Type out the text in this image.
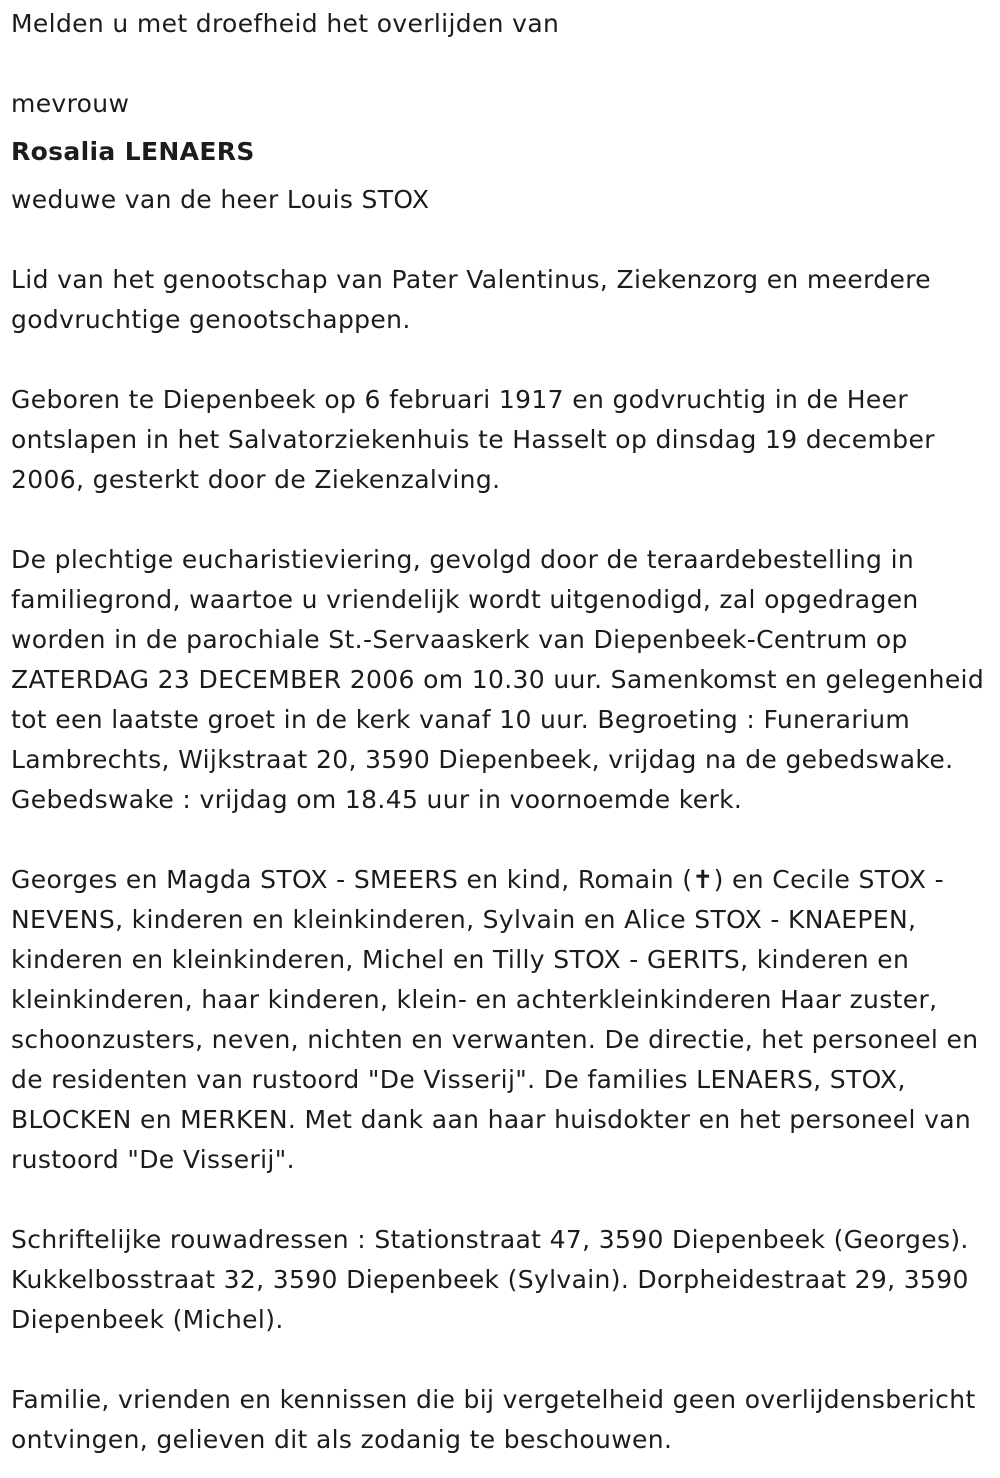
Melden u met droefheid het overlijden van

mevrouw

Rosalia LENAERS

weduwe van de heer Louis STOX

Lid van het genootschap van Pater Valentinus, Ziekenzorg en meerdere godvruchtige genootschappen.

Geboren te Diepenbeek op 6 februari 1917 en godvruchtig in de Heer ontslapen in het Salvatorziekenhuis te Hasselt op dinsdag 19 december 2006, gesterkt door de Ziekenzalving.

De plechtige eucharistieviering, gevolgd door de teraardebestelling in familiegrond, waartoe u vriendelijk wordt uitgenodigd, zal opgedragen worden in de parochiale St.-Servaaskerk van Diepenbeek-Centrum op ZATERDAG 23 DECEMBER 2006 om 10.30 uur. Samenkomst en gelegenheid tot een laatste groet in de kerk vanaf 10 uur. Begroeting : Funerarium Lambrechts, Wijkstraat 20, 3590 Diepenbeek, vrijdag na de gebedswake. Gebedswake : vrijdag om 18.45 uur in voornoemde kerk.

Georges en Magda STOX - SMEERS en kind, Romain (✝) en Cecile STOX - NEVENS, kinderen en kleinkinderen, Sylvain en Alice STOX - KNAEPEN, kinderen en kleinkinderen, Michel en Tilly STOX - GERITS, kinderen en kleinkinderen, haar kinderen, klein- en achterkleinkinderen Haar zuster, schoonzusters, neven, nichten en verwanten. De directie, het personeel en de residenten van rustoord "De Visserij". De families LENAERS, STOX, BLOCKEN en MERKEN. Met dank aan haar huisdokter en het personeel van rustoord "De Visserij".

Schriftelijke rouwadressen : Stationstraat 47, 3590 Diepenbeek (Georges). Kukkelbosstraat 32, 3590 Diepenbeek (Sylvain). Dorpheidestraat 29, 3590 Diepenbeek (Michel).

Familie, vrienden en kennissen die bij vergetelheid geen overlijdensbericht ontvingen, gelieven dit als zodanig te beschouwen.
